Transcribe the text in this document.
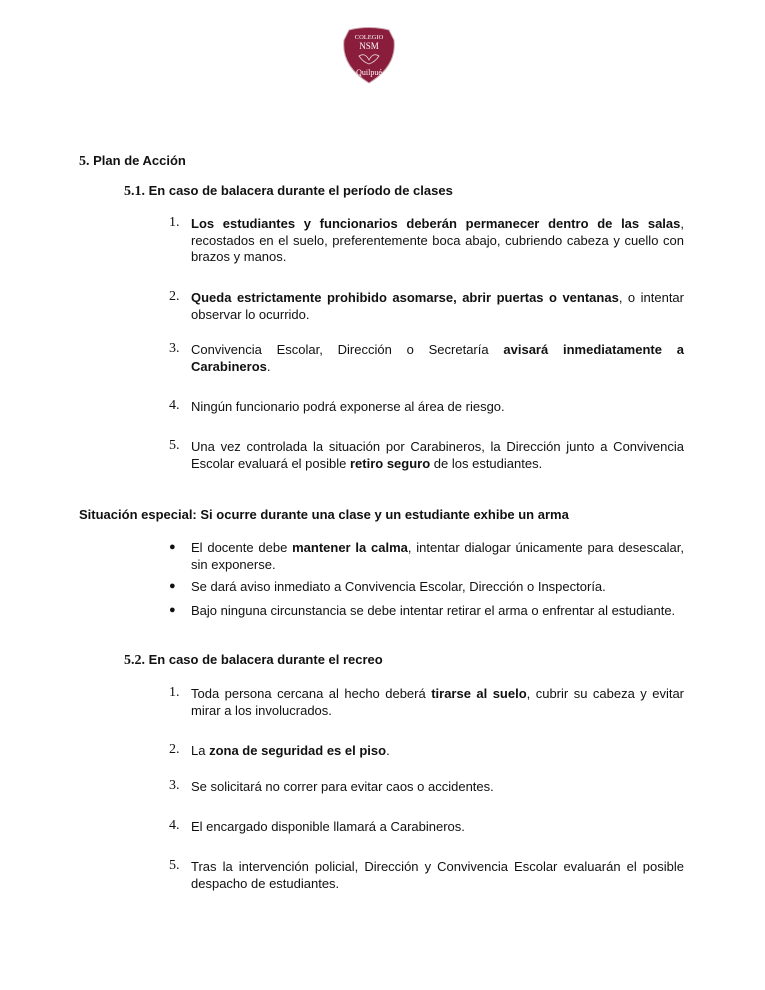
COLEGIO
NSM
Quilpué
5. Plan de Acción
5.1. En caso de balacera durante el período de clases
1. Los estudiantes y funcionarios deberán permanecer dentro de las salas, recostados en el suelo, preferentemente boca abajo, cubriendo cabeza y cuello con brazos y manos.
2. Queda estrictamente prohibido asomarse, abrir puertas o ventanas, o intentar observar lo ocurrido.
3. Convivencia Escolar, Dirección o Secretaría avisará inmediatamente a Carabineros.
4. Ningún funcionario podrá exponerse al área de riesgo.
5. Una vez controlada la situación por Carabineros, la Dirección junto a Convivencia Escolar evaluará el posible retiro seguro de los estudiantes.
Situación especial: Si ocurre durante una clase y un estudiante exhibe un arma
● El docente debe mantener la calma, intentar dialogar únicamente para desescalar, sin exponerse.
● Se dará aviso inmediato a Convivencia Escolar, Dirección o Inspectoría.
● Bajo ninguna circunstancia se debe intentar retirar el arma o enfrentar al estudiante.
5.2. En caso de balacera durante el recreo
1. Toda persona cercana al hecho deberá tirarse al suelo, cubrir su cabeza y evitar mirar a los involucrados.
2. La zona de seguridad es el piso.
3. Se solicitará no correr para evitar caos o accidentes.
4. El encargado disponible llamará a Carabineros.
5. Tras la intervención policial, Dirección y Convivencia Escolar evaluarán el posible despacho de estudiantes.
